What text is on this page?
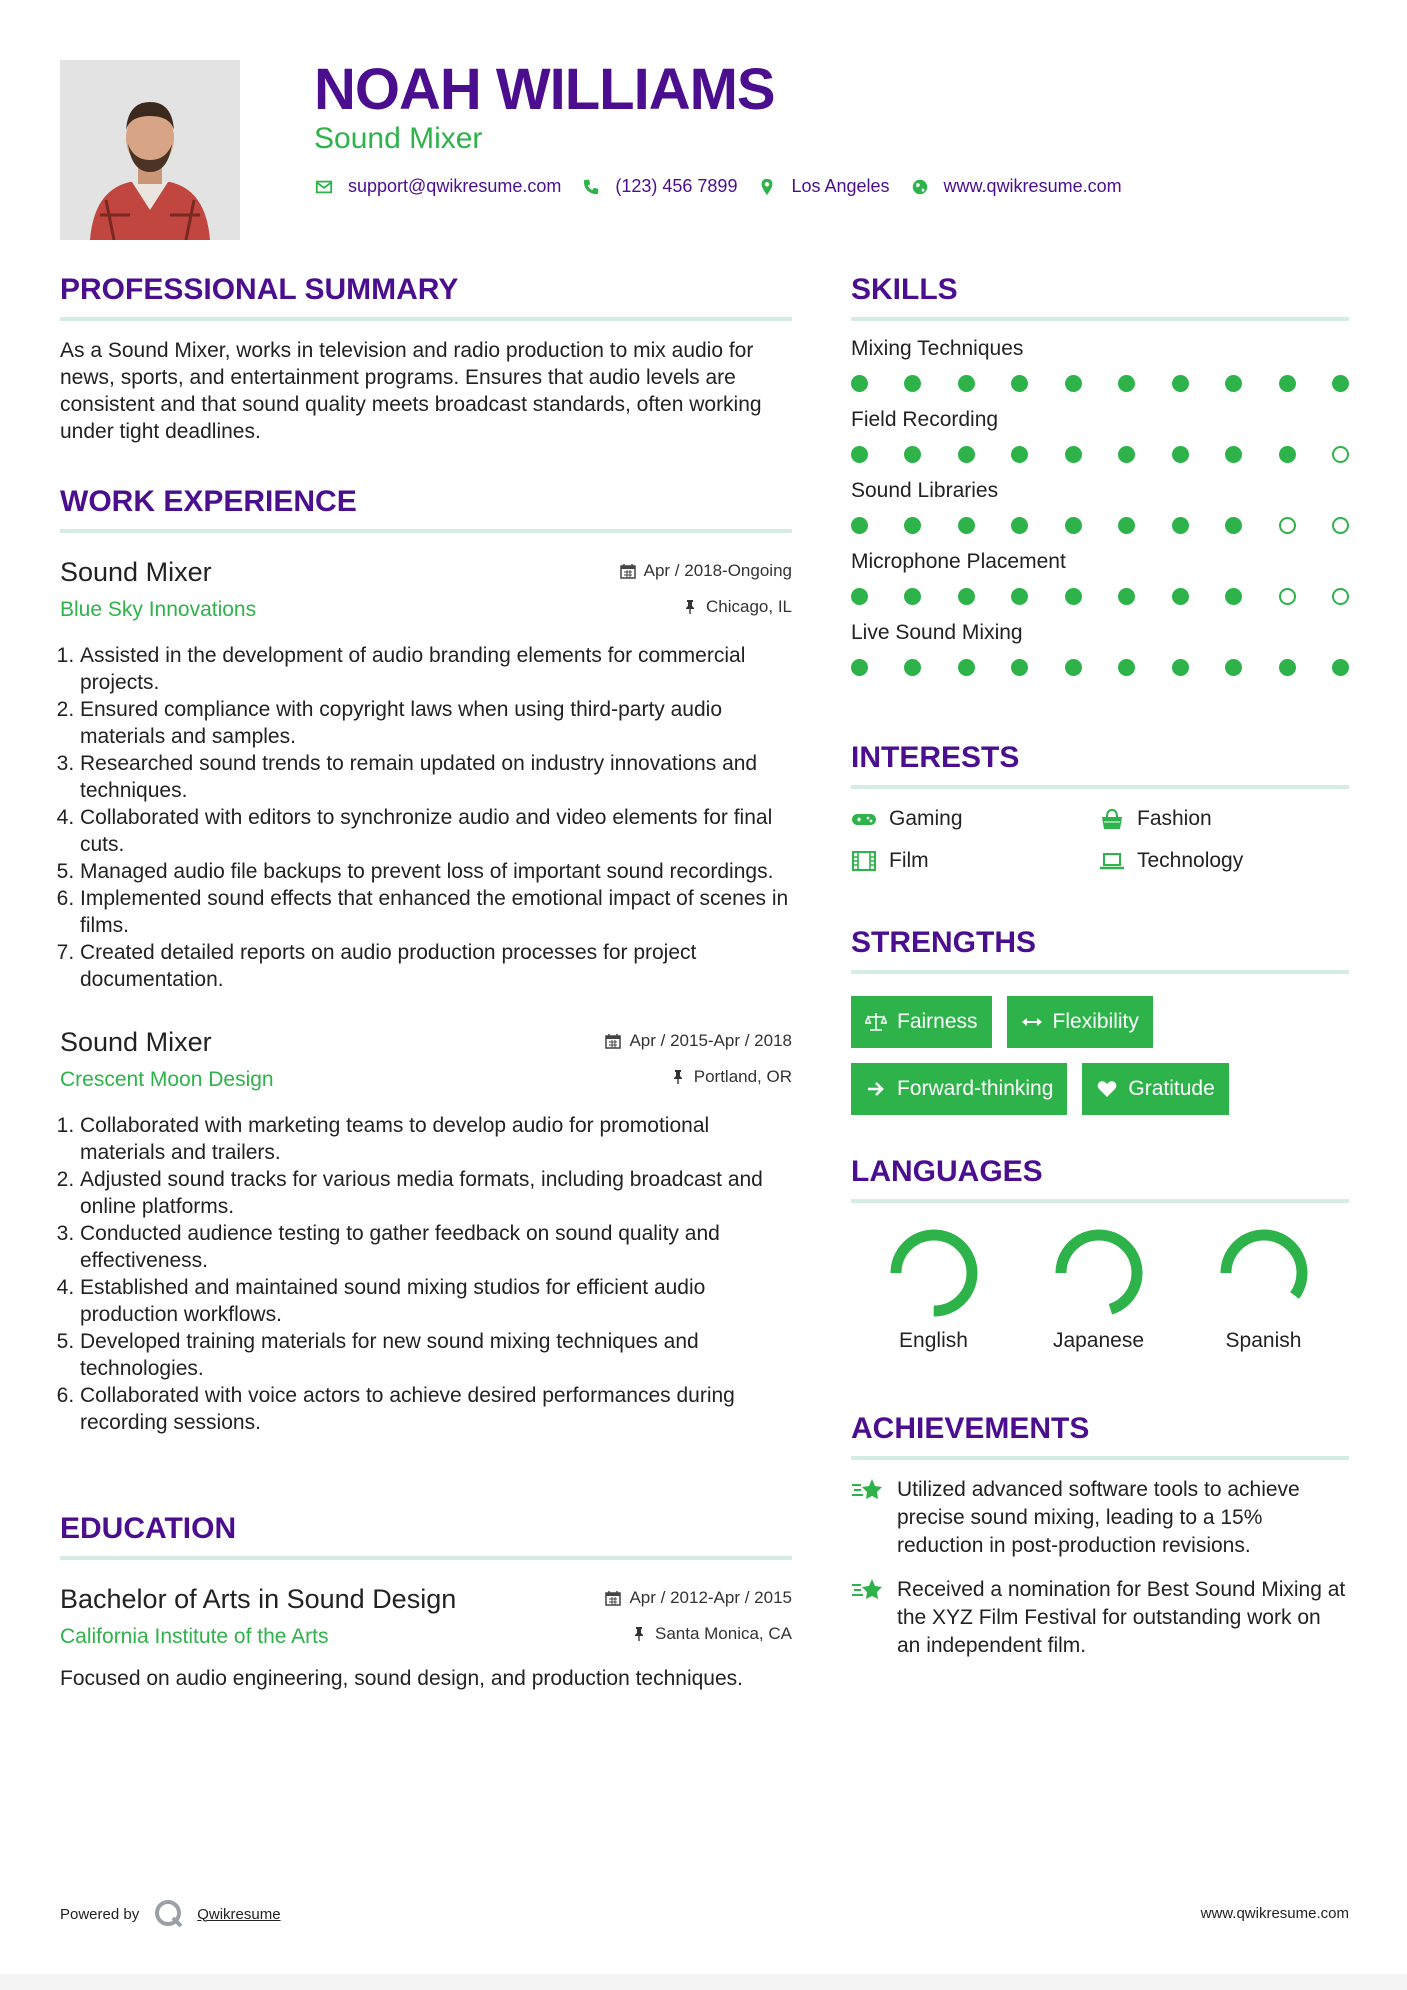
NOAH WILLIAMS
Sound Mixer
support@qwikresume.com	(123) 456 7899	Los Angeles	www.qwikresume.com
PROFESSIONAL SUMMARY
As a Sound Mixer, works in television and radio production to mix audio for news, sports, and entertainment programs. Ensures that audio levels are consistent and that sound quality meets broadcast standards, often working under tight deadlines.
WORK EXPERIENCE
Sound Mixer
Blue Sky Innovations
Apr / 2018-Ongoing
Chicago, IL
1. Assisted in the development of audio branding elements for commercial projects.
2. Ensured compliance with copyright laws when using third-party audio materials and samples.
3. Researched sound trends to remain updated on industry innovations and techniques.
4. Collaborated with editors to synchronize audio and video elements for final cuts.
5. Managed audio file backups to prevent loss of important sound recordings.
6. Implemented sound effects that enhanced the emotional impact of scenes in films.
7. Created detailed reports on audio production processes for project documentation.
Sound Mixer
Crescent Moon Design
Apr / 2015-Apr / 2018
Portland, OR
1. Collaborated with marketing teams to develop audio for promotional materials and trailers.
2. Adjusted sound tracks for various media formats, including broadcast and online platforms.
3. Conducted audience testing to gather feedback on sound quality and effectiveness.
4. Established and maintained sound mixing studios for efficient audio production workflows.
5. Developed training materials for new sound mixing techniques and technologies.
6. Collaborated with voice actors to achieve desired performances during recording sessions.
EDUCATION
Bachelor of Arts in Sound Design
California Institute of the Arts
Apr / 2012-Apr / 2015
Santa Monica, CA
Focused on audio engineering, sound design, and production techniques.
SKILLS
Mixing Techniques
Field Recording
Sound Libraries
Microphone Placement
Live Sound Mixing
INTERESTS
Gaming	Fashion
Film	Technology
STRENGTHS
Fairness	Flexibility
Forward-thinking	Gratitude
LANGUAGES
English	Japanese	Spanish
ACHIEVEMENTS
Utilized advanced software tools to achieve precise sound mixing, leading to a 15% reduction in post-production revisions.
Received a nomination for Best Sound Mixing at the XYZ Film Festival for outstanding work on an independent film.
Powered by	Qwikresume	www.qwikresume.com
